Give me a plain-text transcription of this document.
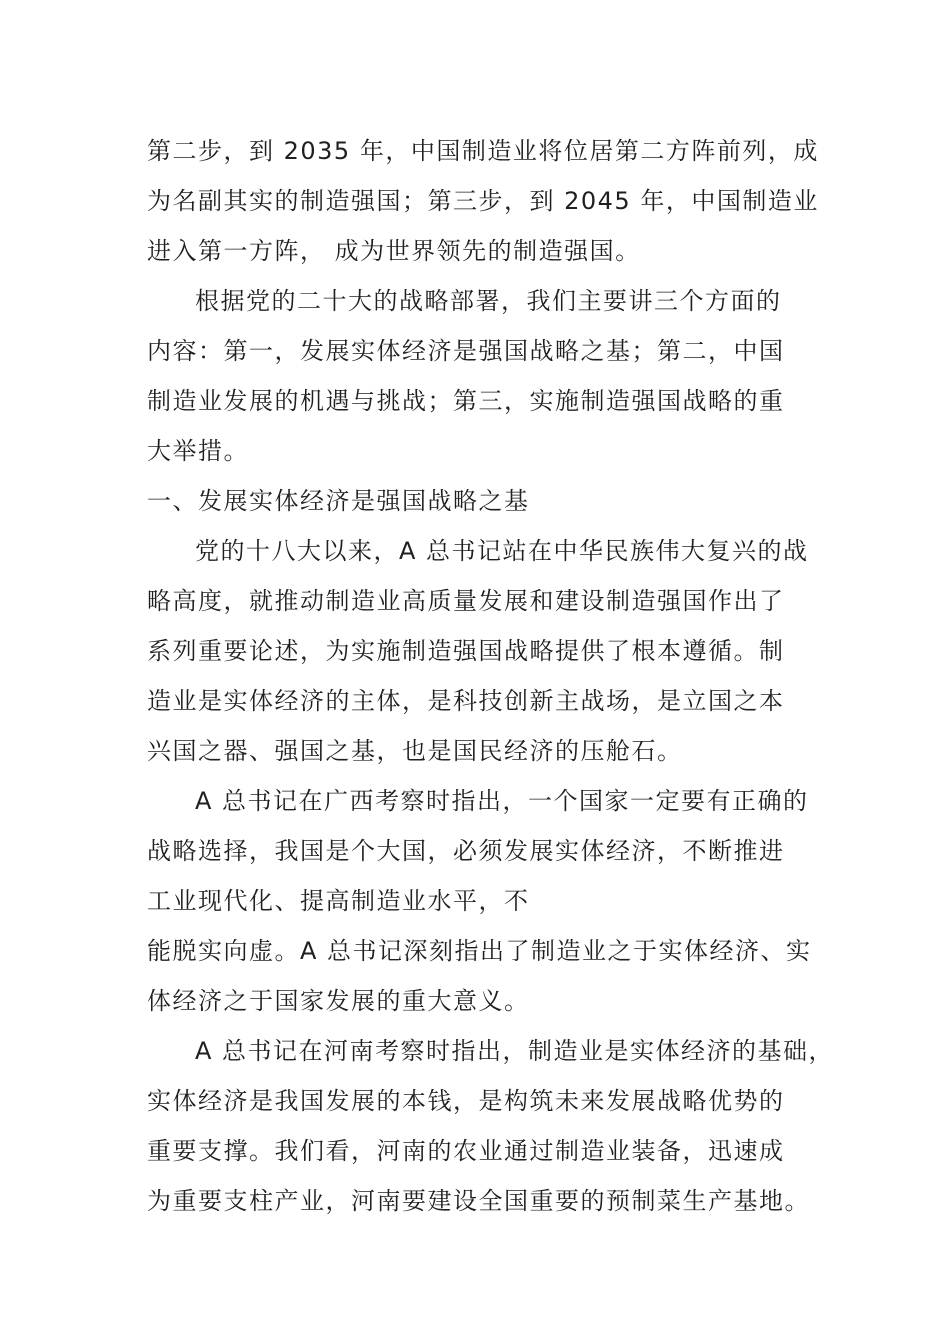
第二步，到 2035 年，中国制造业将位居第二方阵前列，成

为名副其实的制造强国；第三步，到 2045 年，中国制造业

进入第一方阵， 成为世界领先的制造强国。

根据党的二十大的战略部署，我们主要讲三个方面的

内容：第一，发展实体经济是强国战略之基；第二，中国

制造业发展的机遇与挑战；第三，实施制造强国战略的重

大举措。

一、发展实体经济是强国战略之基

党的十八大以来，A 总书记站在中华民族伟大复兴的战

略高度，就推动制造业高质量发展和建设制造强国作出了

系列重要论述，为实施制造强国战略提供了根本遵循。制

造业是实体经济的主体，是科技创新主战场，是立国之本

兴国之器、强国之基，也是国民经济的压舱石。

A 总书记在广西考察时指出，一个国家一定要有正确的

战略选择，我国是个大国，必须发展实体经济，不断推进

工业现代化、提高制造业水平，不

能脱实向虚。A 总书记深刻指出了制造业之于实体经济、实

体经济之于国家发展的重大意义。

A 总书记在河南考察时指出，制造业是实体经济的基础，

实体经济是我国发展的本钱，是构筑未来发展战略优势的

重要支撑。我们看，河南的农业通过制造业装备，迅速成

为重要支柱产业，河南要建设全国重要的预制菜生产基地。
